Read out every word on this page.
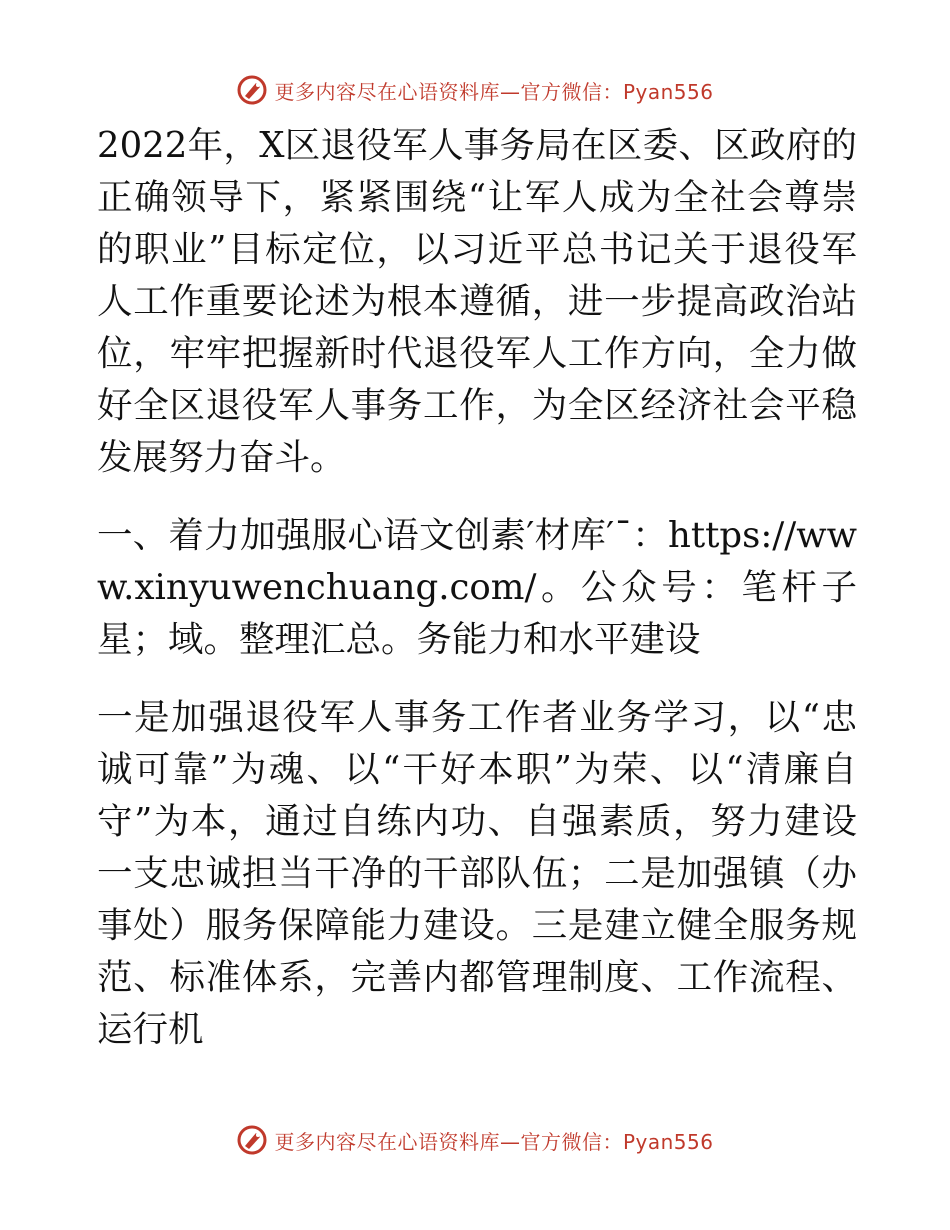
更多内容尽在心语资料库—官方微信：Pyan556

2022年，X区退役军人事务局在区委、区政府的正确领导下，紧紧围绕“让军人成为全社会尊崇的职业”目标定位，以习近平总书记关于退役军人工作重要论述为根本遵循，进一步提高政治站位，牢牢把握新时代退役军人工作方向，全力做好全区退役军人事务工作，为全区经济社会平稳发展努力奋斗。

一、着力加强服心语文创素′材库′¯：https://www.xinyuwenchuang.com/。公众号：笔杆子星；域。整理汇总。务能力和水平建设

一是加强退役军人事务工作者业务学习，以“忠诚可靠”为魂、以“干好本职”为荣、以“清廉自守”为本，通过自练内功、自强素质，努力建设一支忠诚担当干净的干部队伍；二是加强镇（办事处）服务保障能力建设。三是建立健全服务规范、标准体系，完善内都管理制度、工作流程、运行机

更多内容尽在心语资料库—官方微信：Pyan556
